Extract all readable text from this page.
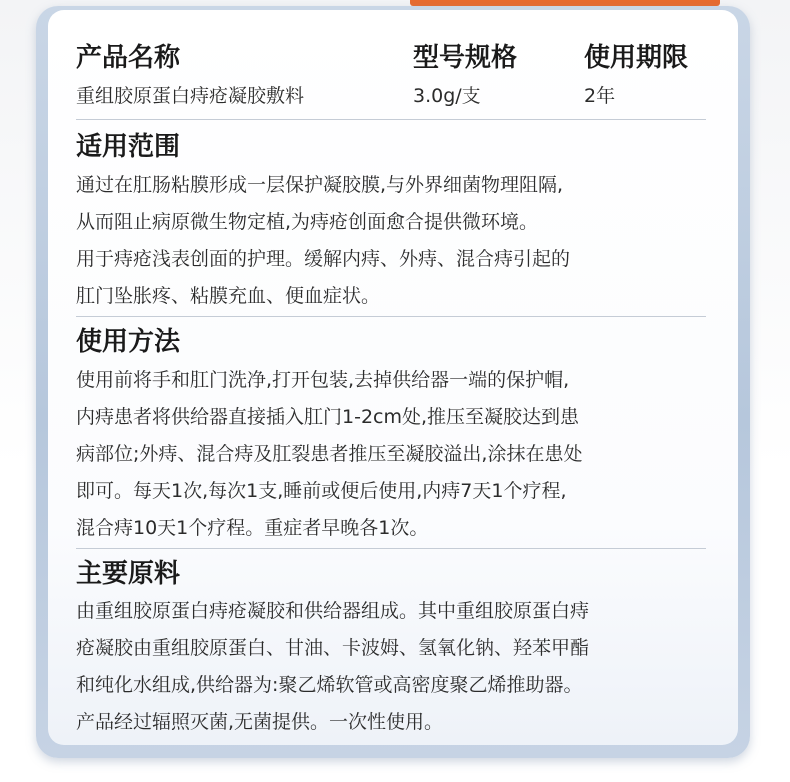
产品名称	型号规格	使用期限
重组胶原蛋白痔疮凝胶敷料	3.0g/支	2年
适用范围
通过在肛肠粘膜形成一层保护凝胶膜,与外界细菌物理阻隔,
从而阻止病原微生物定植,为痔疮创面愈合提供微环境。
用于痔疮浅表创面的护理。缓解内痔、外痔、混合痔引起的
肛门坠胀疼、粘膜充血、便血症状。
使用方法
使用前将手和肛门洗净,打开包装,去掉供给器一端的保护帽,
内痔患者将供给器直接插入肛门1-2cm处,推压至凝胶达到患
病部位;外痔、混合痔及肛裂患者推压至凝胶溢出,涂抹在患处
即可。每天1次,每次1支,睡前或便后使用,内痔7天1个疗程,
混合痔10天1个疗程。重症者早晚各1次。
主要原料
由重组胶原蛋白痔疮凝胶和供给器组成。其中重组胶原蛋白痔
疮凝胶由重组胶原蛋白、甘油、卡波姆、氢氧化钠、羟苯甲酯
和纯化水组成,供给器为:聚乙烯软管或高密度聚乙烯推助器。
产品经过辐照灭菌,无菌提供。一次性使用。
